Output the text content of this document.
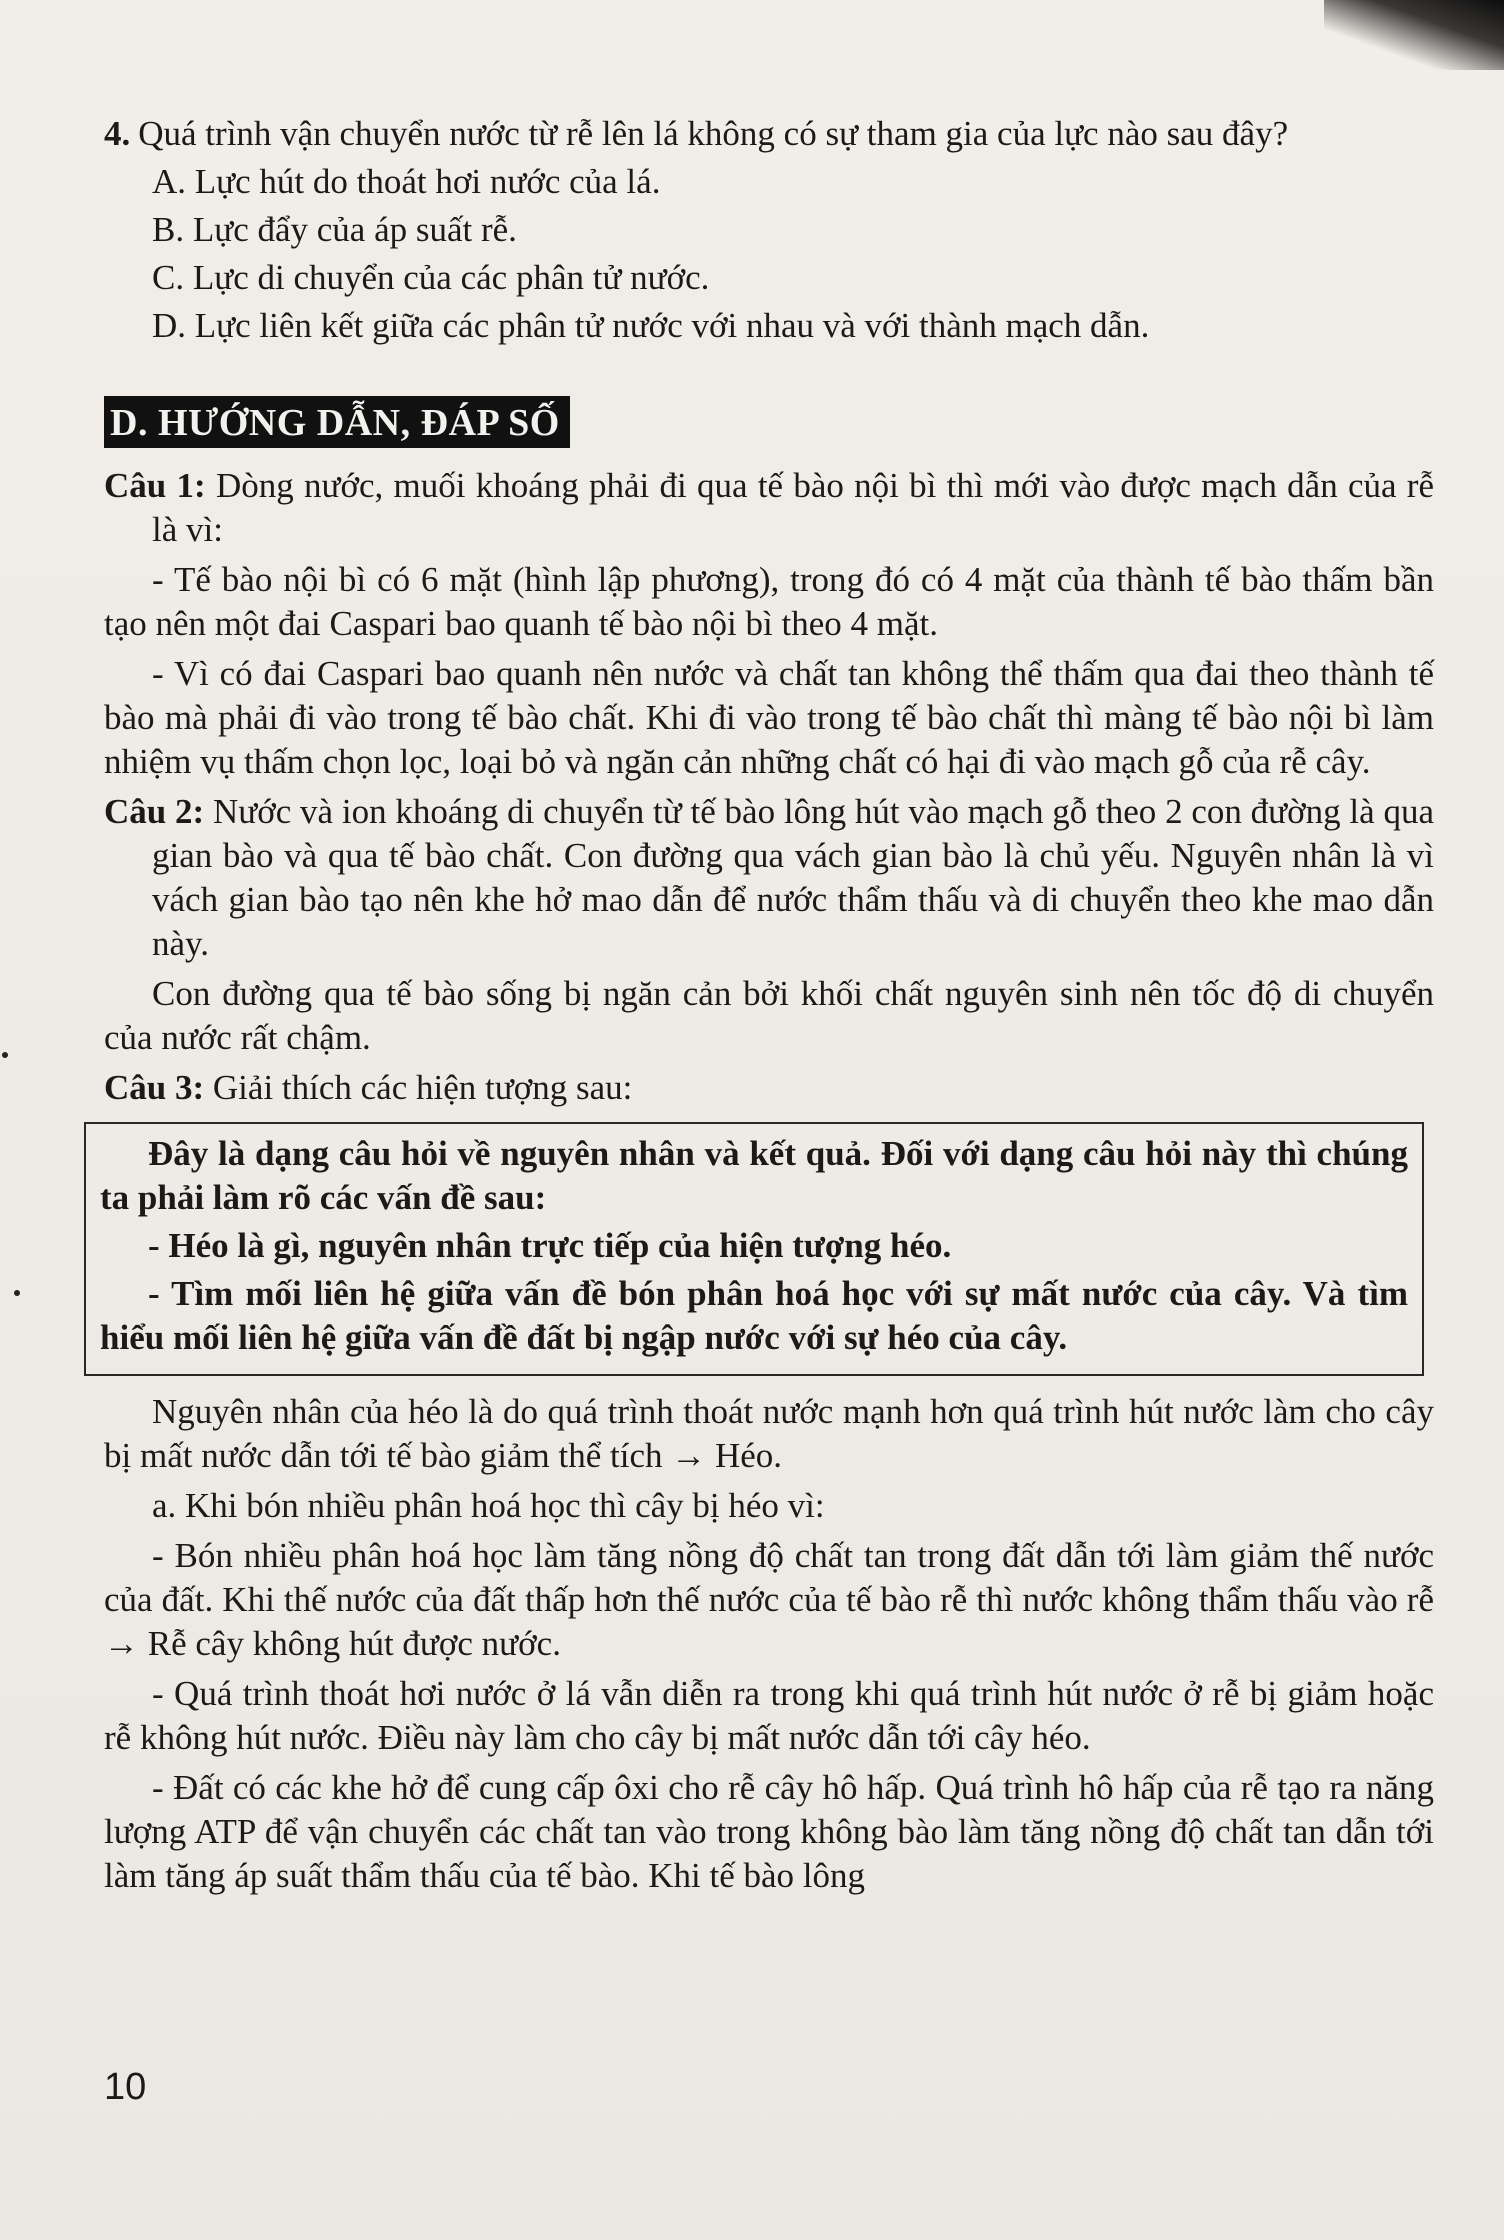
4. Quá trình vận chuyển nước từ rễ lên lá không có sự tham gia của lực nào sau đây?

A. Lực hút do thoát hơi nước của lá.

B. Lực đẩy của áp suất rễ.

C. Lực di chuyển của các phân tử nước.

D. Lực liên kết giữa các phân tử nước với nhau và với thành mạch dẫn.

D. HƯỚNG DẪN, ĐÁP SỐ

Câu 1: Dòng nước, muối khoáng phải đi qua tế bào nội bì thì mới vào được mạch dẫn của rễ là vì:

- Tế bào nội bì có 6 mặt (hình lập phương), trong đó có 4 mặt của thành tế bào thấm bần tạo nên một đai Caspari bao quanh tế bào nội bì theo 4 mặt.

- Vì có đai Caspari bao quanh nên nước và chất tan không thể thấm qua đai theo thành tế bào mà phải đi vào trong tế bào chất. Khi đi vào trong tế bào chất thì màng tế bào nội bì làm nhiệm vụ thấm chọn lọc, loại bỏ và ngăn cản những chất có hại đi vào mạch gỗ của rễ cây.

Câu 2: Nước và ion khoáng di chuyển từ tế bào lông hút vào mạch gỗ theo 2 con đường là qua gian bào và qua tế bào chất. Con đường qua vách gian bào là chủ yếu. Nguyên nhân là vì vách gian bào tạo nên khe hở mao dẫn để nước thẩm thấu và di chuyển theo khe mao dẫn này.

Con đường qua tế bào sống bị ngăn cản bởi khối chất nguyên sinh nên tốc độ di chuyển của nước rất chậm.

Câu 3: Giải thích các hiện tượng sau:

Đây là dạng câu hỏi về nguyên nhân và kết quả. Đối với dạng câu hỏi này thì chúng ta phải làm rõ các vấn đề sau:

- Héo là gì, nguyên nhân trực tiếp của hiện tượng héo.

- Tìm mối liên hệ giữa vấn đề bón phân hoá học với sự mất nước của cây. Và tìm hiểu mối liên hệ giữa vấn đề đất bị ngập nước với sự héo của cây.

Nguyên nhân của héo là do quá trình thoát nước mạnh hơn quá trình hút nước làm cho cây bị mất nước dẫn tới tế bào giảm thể tích → Héo.

a. Khi bón nhiều phân hoá học thì cây bị héo vì:

- Bón nhiều phân hoá học làm tăng nồng độ chất tan trong đất dẫn tới làm giảm thế nước của đất. Khi thế nước của đất thấp hơn thế nước của tế bào rễ thì nước không thẩm thấu vào rễ → Rễ cây không hút được nước.

- Quá trình thoát hơi nước ở lá vẫn diễn ra trong khi quá trình hút nước ở rễ bị giảm hoặc rễ không hút nước. Điều này làm cho cây bị mất nước dẫn tới cây héo.

- Đất có các khe hở để cung cấp ôxi cho rễ cây hô hấp. Quá trình hô hấp của rễ tạo ra năng lượng ATP để vận chuyển các chất tan vào trong không bào làm tăng nồng độ chất tan dẫn tới làm tăng áp suất thẩm thấu của tế bào. Khi tế bào lông

10
